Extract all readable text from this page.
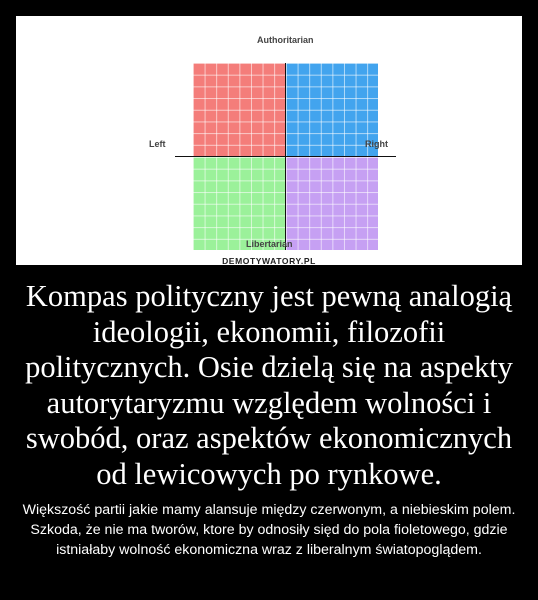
Authoritarian
Left	Right
Libertarian
DEMOTYWATORY.PL
Kompas polityczny jest pewną analogią ideologii, ekonomii, filozofii politycznych. Osie dzielą się na aspekty autorytaryzmu względem wolności i swobód, oraz aspektów ekonomicznych od lewicowych po rynkowe.
Większość partii jakie mamy alansuje między czerwonym, a niebieskim polem. Szkoda, że nie ma tworów, ktore by odnosiły sięd do pola fioletowego, gdzie istniałaby wolność ekonomiczna wraz z liberalnym światopoglądem.
